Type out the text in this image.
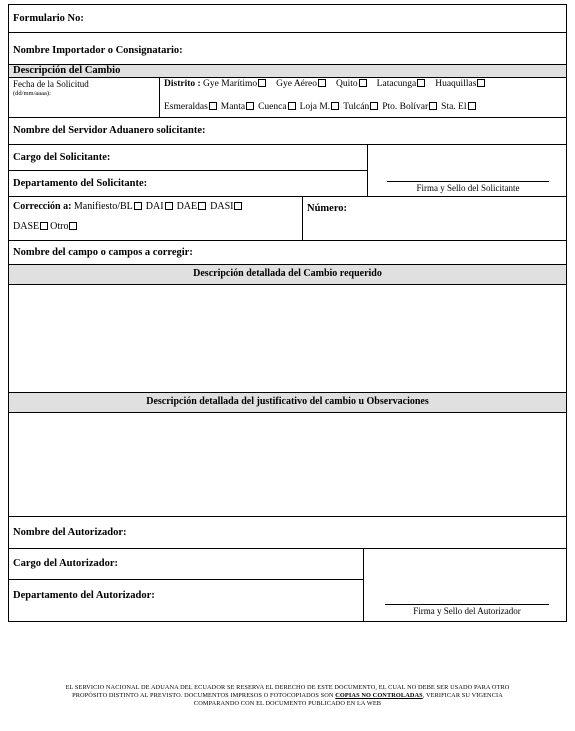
Formulario No:
Nombre Importador o Consignatario:
Descripción del Cambio
Fecha de la Solicitud
(dd/mm/aaaa):
Distrito : Gye Marítimo Gye Aéreo Quito Latacunga Huaquillas
Esmeraldas Manta Cuenca Loja M. Tulcán Pto. Bolívar Sta. El
Nombre del Servidor Aduanero solicitante:
Cargo del Solicitante:
Departamento del Solicitante:	Firma y Sello del Solicitante
Corrección a: Manifiesto/BL DAI DAE DASI
DASE Otro
Número:
Nombre del campo o campos a corregir:
Descripción detallada del Cambio requerido
Descripción detallada del justificativo del cambio u Observaciones
Nombre del Autorizador:
Cargo del Autorizador:
Departamento del Autorizador:
Firma y Sello del Autorizador
EL SERVICIO NACIONAL DE ADUANA DEL ECUADOR SE RESERVA EL DERECHO DE ESTE DOCUMENTO, EL CUAL NO DEBE SER USADO PARA OTRO PROPÓSITO DISTINTO AL PREVISTO. DOCUMENTOS IMPRESOS O FOTOCOPIADOS SON COPIAS NO CONTROLADAS, VERIFICAR SU VIGENCIA COMPARANDO CON EL DOCUMENTO PUBLICADO EN LA WEB
